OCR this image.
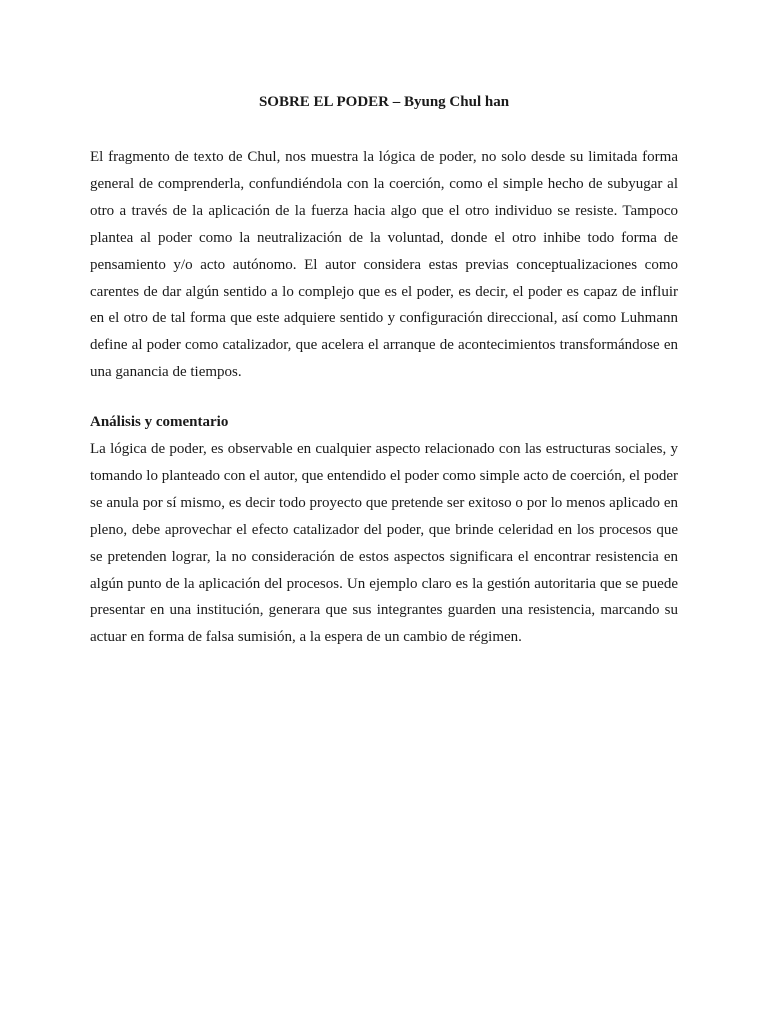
SOBRE EL PODER – Byung Chul han

El fragmento de texto de Chul, nos muestra la lógica de poder, no solo desde su limitada forma general de comprenderla, confundiéndola con la coerción, como el simple hecho de subyugar al otro a través de la aplicación de la fuerza hacia algo que el otro individuo se resiste. Tampoco plantea al poder como la neutralización de la voluntad, donde el otro inhibe todo forma de pensamiento y/o acto autónomo. El autor considera estas previas conceptualizaciones como carentes de dar algún sentido a lo complejo que es el poder, es decir, el poder es capaz de influir en el otro de tal forma que este adquiere sentido y configuración direccional, así como Luhmann define al poder como catalizador, que acelera el arranque de acontecimientos transformándose en una ganancia de tiempos.

Análisis y comentario

La lógica de poder, es observable en cualquier aspecto relacionado con las estructuras sociales, y tomando lo planteado con el autor, que entendido el poder como simple acto de coerción, el poder se anula por sí mismo, es decir todo proyecto que pretende ser exitoso o por lo menos aplicado en pleno, debe aprovechar el efecto catalizador del poder, que brinde celeridad en los procesos que se pretenden lograr, la no consideración de estos aspectos significara el encontrar resistencia en algún punto de la aplicación del procesos. Un ejemplo claro es la gestión autoritaria que se puede presentar en una institución, generara que sus integrantes guarden una resistencia, marcando su actuar en forma de falsa sumisión, a la espera de un cambio de régimen.
